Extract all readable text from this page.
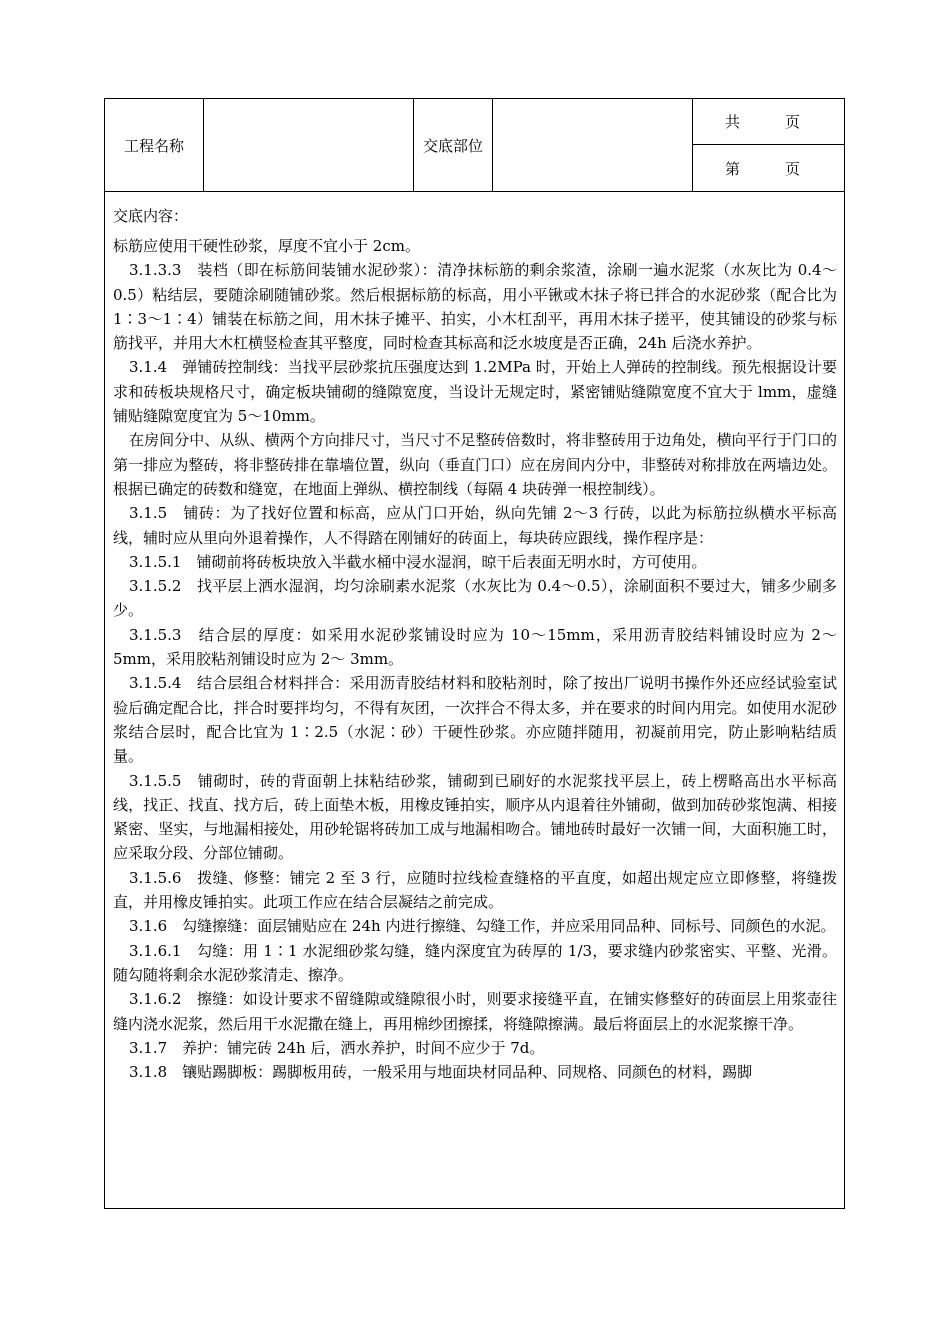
工程名称	交底部位
共　　　页
第　　　页
交底内容：

标筋应使用干硬性砂浆，厚度不宜小于 2cm。

3.1.3.3　装档（即在标筋间装铺水泥砂浆）：清净抹标筋的剩余浆渣，涂刷一遍水泥浆（水灰比为 0.4～0.5）粘结层，要随涂刷随铺砂浆。然后根据标筋的标高，用小平锹或木抹子将已拌合的水泥砂浆（配合比为 1∶3～1∶4）铺装在标筋之间，用木抹子摊平、拍实，小木杠刮平，再用木抹子搓平，使其铺设的砂浆与标筋找平，并用大木杠横竖检查其平整度，同时检查其标高和泛水坡度是否正确，24h 后浇水养护。

3.1.4　弹铺砖控制线：当找平层砂浆抗压强度达到 1.2MPa 时，开始上人弹砖的控制线。预先根据设计要求和砖板块规格尺寸，确定板块铺砌的缝隙宽度，当设计无规定时，紧密铺贴缝隙宽度不宜大于 lmm，虚缝铺贴缝隙宽度宜为 5～10mm。

在房间分中、从纵、横两个方向排尺寸，当尺寸不足整砖倍数时，将非整砖用于边角处，横向平行于门口的第一排应为整砖，将非整砖排在靠墙位置，纵向（垂直门口）应在房间内分中，非整砖对称排放在两墙边处。根据已确定的砖数和缝宽，在地面上弹纵、横控制线（每隔 4 块砖弹一根控制线）。

3.1.5　铺砖：为了找好位置和标高，应从门口开始，纵向先铺 2～3 行砖，以此为标筋拉纵横水平标高线，辅时应从里向外退着操作，人不得踏在刚铺好的砖面上，每块砖应跟线，操作程序是：

3.1.5.1　铺砌前将砖板块放入半截水桶中浸水湿润，晾干后表面无明水时，方可使用。

3.1.5.2　找平层上洒水湿润，均匀涂刷素水泥浆（水灰比为 0.4～0.5），涂刷面积不要过大，铺多少刷多少。

3.1.5.3　结合层的厚度：如采用水泥砂浆铺设时应为 10～15mm，采用沥青胶结料铺设时应为 2～5mm，采用胶粘剂铺设时应为 2～ 3mm。

3.1.5.4　结合层组合材料拌合：采用沥青胶结材料和胶粘剂时，除了按出厂说明书操作外还应经试验室试验后确定配合比，拌合时要拌均匀，不得有灰团，一次拌合不得太多，并在要求的时间内用完。如使用水泥砂浆结合层时，配合比宜为 1∶2.5（水泥∶砂）干硬性砂浆。亦应随拌随用，初凝前用完，防止影响粘结质量。

3.1.5.5　铺砌时，砖的背面朝上抹粘结砂浆，铺砌到已刷好的水泥浆找平层上，砖上楞略高出水平标高线，找正、找直、找方后，砖上面垫木板，用橡皮锤拍实，顺序从内退着往外铺砌，做到加砖砂浆饱满、相接紧密、坚实，与地漏相接处，用砂轮锯将砖加工成与地漏相吻合。铺地砖时最好一次铺一间，大面积施工时，应采取分段、分部位铺砌。

3.1.5.6　拨缝、修整：铺完 2 至 3 行，应随时拉线检查缝格的平直度，如超出规定应立即修整，将缝拨直，并用橡皮锤拍实。此项工作应在结合层凝结之前完成。

3.1.6　勾缝擦缝：面层铺贴应在 24h 内进行擦缝、勾缝工作，并应采用同品种、同标号、同颜色的水泥。

3.1.6.1　勾缝：用 1∶1 水泥细砂浆勾缝，缝内深度宜为砖厚的 1/3，要求缝内砂浆密实、平整、光滑。随勾随将剩余水泥砂浆清走、擦净。

3.1.6.2　擦缝：如设计要求不留缝隙或缝隙很小时，则要求接缝平直，在铺实修整好的砖面层上用浆壶往缝内浇水泥浆，然后用干水泥撒在缝上，再用棉纱团擦揉，将缝隙擦满。最后将面层上的水泥浆擦干净。

3.1.7　养护：铺完砖 24h 后，洒水养护，时间不应少于 7d。

3.1.8　镶贴踢脚板：踢脚板用砖，一般采用与地面块材同品种、同规格、同颜色的材料，踢脚
